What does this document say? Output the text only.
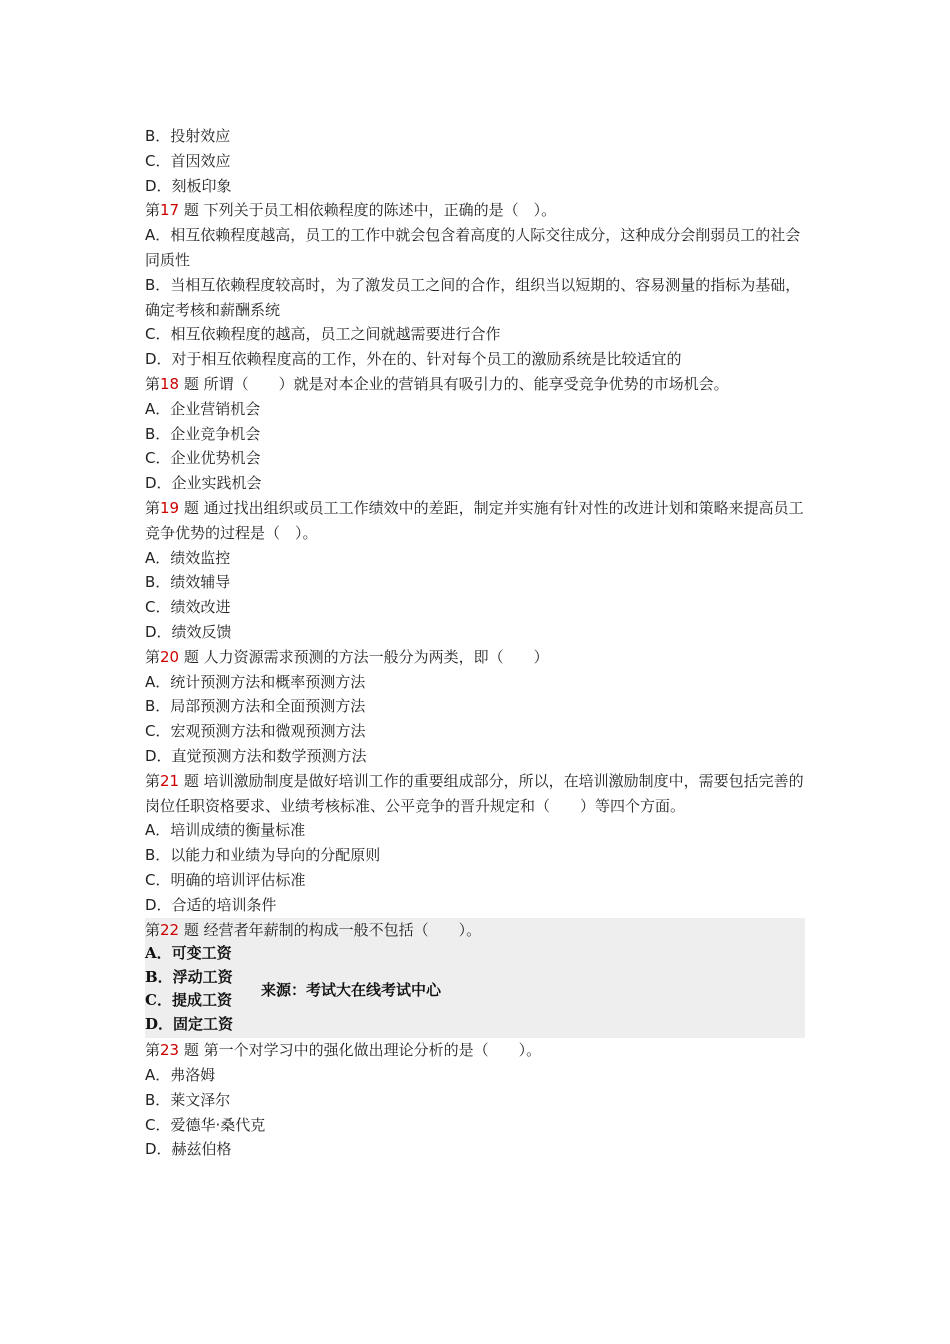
B．投射效应
C．首因效应
D．刻板印象
第17 题 下列关于员工相依赖程度的陈述中，正确的是（　）。
A．相互依赖程度越高，员工的工作中就会包含着高度的人际交往成分，这种成分会削弱员工的社会同质性
B．当相互依赖程度较高时，为了激发员工之间的合作，组织当以短期的、容易测量的指标为基础，确定考核和薪酬系统
C．相互依赖程度的越高，员工之间就越需要进行合作
D．对于相互依赖程度高的工作，外在的、针对每个员工的激励系统是比较适宜的
第18 题 所谓（　　）就是对本企业的营销具有吸引力的、能享受竞争优势的市场机会。
A．企业营销机会
B．企业竞争机会
C．企业优势机会
D．企业实践机会
第19 题 通过找出组织或员工工作绩效中的差距，制定并实施有针对性的改进计划和策略来提高员工竞争优势的过程是（　）。
A．绩效监控
B．绩效辅导
C．绩效改进
D．绩效反馈
第20 题 人力资源需求预测的方法一般分为两类，即（　　）
A．统计预测方法和概率预测方法
B．局部预测方法和全面预测方法
C．宏观预测方法和微观预测方法
D．直觉预测方法和数学预测方法
第21 题 培训激励制度是做好培训工作的重要组成部分，所以，在培训激励制度中，需要包括完善的岗位任职资格要求、业绩考核标准、公平竞争的晋升规定和（　　）等四个方面。
A．培训成绩的衡量标准
B．以能力和业绩为导向的分配原则
C．明确的培训评估标准
D．合适的培训条件
第22 题 经营者年薪制的构成一般不包括（　　）。
A．可变工资
B．浮动工资
C．提成工资
D．固定工资
来源：考试大在线考试中心
第23 题 第一个对学习中的强化做出理论分析的是（　　）。
A．弗洛姆
B．莱文泽尔
C．爱德华·桑代克
D．赫兹伯格
